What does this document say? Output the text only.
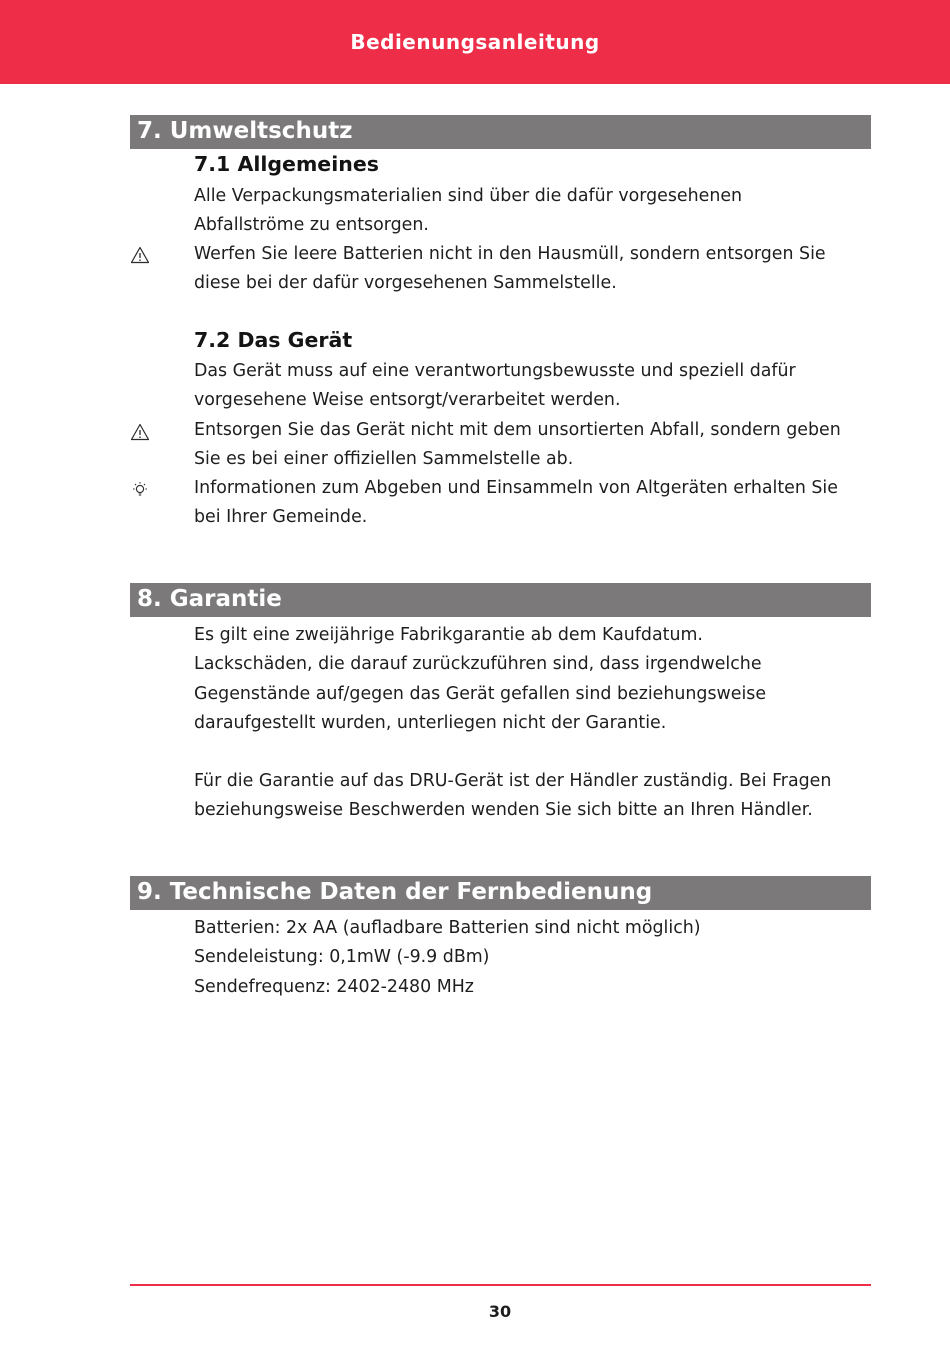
Bedienungsanleitung
7. Umweltschutz
7.1 Allgemeines

Alle Verpackungsmaterialien sind über die dafür vorgesehenen

Abfallströme zu entsorgen.

Werfen Sie leere Batterien nicht in den Hausmüll, sondern entsorgen Sie

diese bei der dafür vorgesehenen Sammelstelle.

7.2 Das Gerät

Das Gerät muss auf eine verantwortungsbewusste und speziell dafür

vorgesehene Weise entsorgt/verarbeitet werden.

Entsorgen Sie das Gerät nicht mit dem unsortierten Abfall, sondern geben

Sie es bei einer offiziellen Sammelstelle ab.

Informationen zum Abgeben und Einsammeln von Altgeräten erhalten Sie

bei Ihrer Gemeinde.

8. Garantie

Es gilt eine zweijährige Fabrikgarantie ab dem Kaufdatum.

Lackschäden, die darauf zurückzuführen sind, dass irgendwelche

Gegenstände auf/gegen das Gerät gefallen sind beziehungsweise

daraufgestellt wurden, unterliegen nicht der Garantie.

Für die Garantie auf das DRU-Gerät ist der Händler zuständig. Bei Fragen

beziehungsweise Beschwerden wenden Sie sich bitte an Ihren Händler.

9. Technische Daten der Fernbedienung

Batterien: 2x AA (aufladbare Batterien sind nicht möglich)

Sendeleistung: 0,1mW (-9.9 dBm)

Sendefrequenz: 2402-2480 MHz

30
